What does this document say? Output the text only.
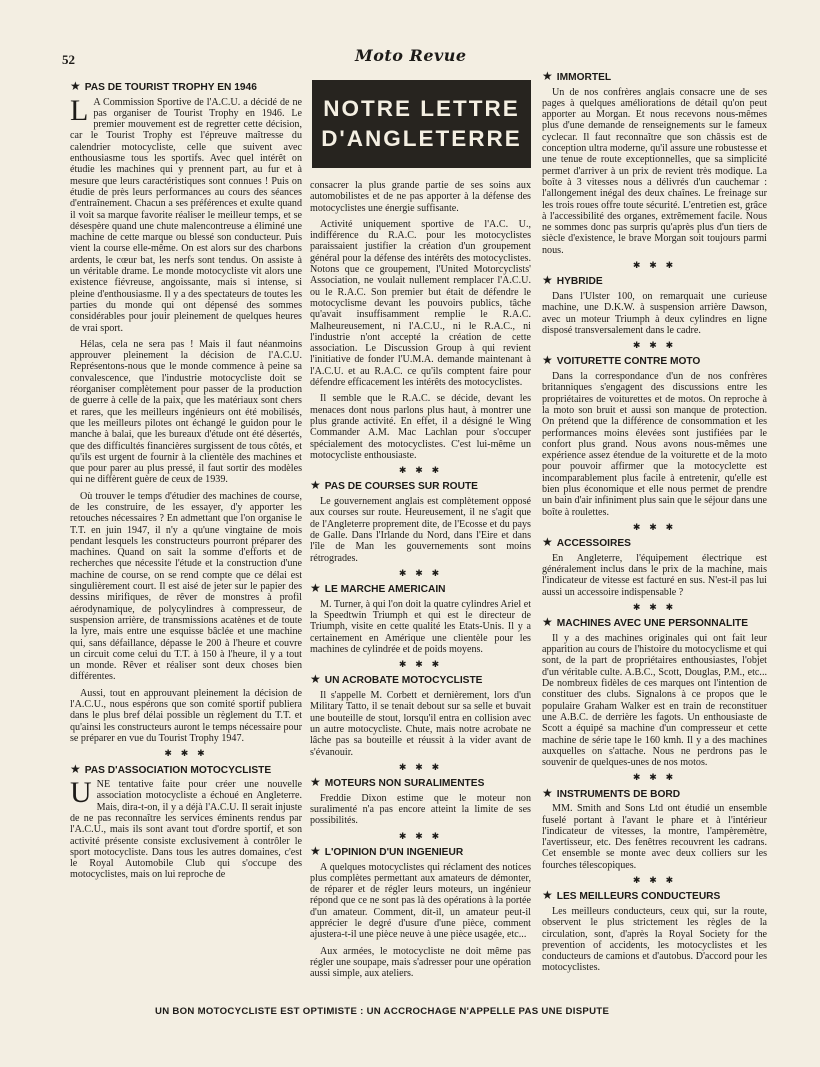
52	Moto Revue
NOTRE LETTRE
D'ANGLETERRE
★ PAS DE TOURIST TROPHY EN 1946

L A Commission Sportive de l'A.C.U. a décidé de ne pas organiser de Tourist Trophy en 1946. Le premier mouvement est de regretter cette décision, car le Tourist Trophy est l'épreuve maîtresse du calendrier motocycliste, celle que suivent avec enthousiasme tous les sportifs. Avec quel intérêt on étudie les machines qui y prennent part, au fur et à mesure que leurs caractéristiques sont connues ! Puis on étudie de près leurs performances au cours des séances d'entraînement. Chacun a ses préférences et exulte quand il voit sa marque favorite réaliser le meilleur temps, et se désespère quand une chute malencontreuse a éliminé une machine de cette marque ou blessé son conducteur. Puis vient la course elle-même. On est alors sur des charbons ardents, le cœur bat, les nerfs sont tendus. On assiste à un véritable drame. Le monde motocycliste vit alors une existence fiévreuse, angoissante, mais si intense, si pleine d'enthousiasme. Il y a des spectateurs de toutes les parties du monde qui ont dépensé des sommes considérables pour jouir pleinement de quelques heures de vrai sport.

Hélas, cela ne sera pas ! Mais il faut néanmoins approuver pleinement la décision de l'A.C.U. Représentons-nous que le monde commence à peine sa convalescence, que l'industrie motocycliste doit se réorganiser complètement pour passer de la production de guerre à celle de la paix, que les matériaux sont chers et rares, que les meilleurs ingénieurs ont été mobilisés, que les meilleurs pilotes ont échangé le guidon pour le manche à balai, que les bureaux d'étude ont été désertés, que des difficultés financières surgissent de tous côtés, et qu'ils est urgent de fournir à la clientèle des machines et que pour parer au plus pressé, il faut sortir des modèles qui ne diffèrent guère de ceux de 1939.

Où trouver le temps d'étudier des machines de course, de les construire, de les essayer, d'y apporter les retouches nécessaires ? En admettant que l'on organise le T.T. en juin 1947, il n'y a qu'une vingtaine de mois pendant lesquels les constructeurs pourront préparer des machines. Quand on sait la somme d'efforts et de recherches que nécessite l'étude et la construction d'une machine de course, on se rend compte que ce délai est singulièrement court. Il est aisé de jeter sur le papier des dessins mirifiques, de rêver de monstres à profil aérodynamique, de polycylindres à compresseur, de suspension arrière, de transmissions acatènes et de toute la lyre, mais entre une esquisse bâclée et une machine qui, sans défaillance, dépasse le 200 à l'heure et couvre un circuit come celui du T.T. à 150 à l'heure, il y a tout un monde. Rêver et réaliser sont deux choses bien différentes.

Aussi, tout en approuvant pleinement la décision de l'A.C.U., nous espérons que son comité sportif publiera dans le plus bref délai possible un règlement du T.T. et qu'ainsi les constructeurs auront le temps nécessaire pour se préparer en vue du Tourist Trophy 1947.

✱ ✱ ✱
★ PAS D'ASSOCIATION MOTOCYCLISTE

UNE tentative faite pour créer une nouvelle association motocycliste a échoué en Angleterre. Mais, dira-t-on, il y a déjà l'A.C.U. Il serait injuste de ne pas reconnaître les services éminents rendus par l'A.C.U., mais ils sont avant tout d'ordre sportif, et son activité présente consiste exclusivement à contrôler le sport motocycliste. Dans tous les autres domaines, c'est le Royal Automobile Club qui s'occupe des motocyclistes, mais on lui reproche de

consacrer la plus grande partie de ses soins aux automobilistes et de ne pas apporter à la défense des motocyclistes une énergie suffisante.

Activité uniquement sportive de l'A.C. U., indifférence du R.A.C. pour les motocyclistes paraissaient justifier la création d'un groupement général pour la défense des intérêts des motocyclistes. Notons que ce groupement, l'United Motorcyclists' Association, ne voulait nullement remplacer l'A.C.U. ou le R.A.C. Son premier but était de défendre le motocyclisme devant les pouvoirs publics, tâche qu'avait insuffisamment remplie le R.A.C. Malheureusement, ni l'A.C.U., ni le R.A.C., ni l'industrie n'ont accepté la création de cette association. Le Discussion Group à qui revient l'initiative de fonder l'U.M.A. demande maintenant à l'A.C.U. et au R.A.C. ce qu'ils comptent faire pour défendre efficacement les intérêts des motocyclistes.

Il semble que le R.A.C. se décide, devant les menaces dont nous parlons plus haut, à montrer une plus grande activité. En effet, il a désigné le Wing Commander A.M. Mac Lachlan pour s'occuper spécialement des motocyclistes. C'est lui-même un motocycliste enthousiaste.

✱ ✱ ✱
★ PAS DE COURSES SUR ROUTE

Le gouvernement anglais est complètement opposé aux courses sur route. Heureusement, il ne s'agit que de l'Angleterre proprement dite, de l'Ecosse et du pays de Galle. Dans l'Irlande du Nord, dans l'Eire et dans l'île de Man les gouvernements sont moins rétrogrades.

✱ ✱ ✱
★ LE MARCHE AMERICAIN

M. Turner, à qui l'on doit la quatre cylindres Ariel et la Speedtwin Triumph et qui est le directeur de Triumph, visite en cette qualité les Etats-Unis. Il y a certainement en Amérique une clientèle pour les machines de cylindrée et de poids moyens.

✱ ✱ ✱
★ UN ACROBATE MOTOCYCLISTE

Il s'appelle M. Corbett et dernièrement, lors d'un Military Tatto, il se tenait debout sur sa selle et buvait une bouteille de stout, lorsqu'il entra en collision avec un autre motocycliste. Chute, mais notre acrobate ne lâche pas sa bouteille et réussit à la vider avant de s'évanouir.

✱ ✱ ✱
★ MOTEURS NON SURALIMENTES

Freddie Dixon estime que le moteur non suralimenté n'a pas encore atteint la limite de ses possibilités.

✱ ✱ ✱
★ L'OPINION D'UN INGENIEUR

A quelques motocyclistes qui réclament des notices plus complètes permettant aux amateurs de démonter, de réparer et de régler leurs moteurs, un ingénieur répond que ce ne sont pas là des opérations à la portée d'un amateur. Comment, dit-il, un amateur peut-il apprécier le degré d'usure d'une pièce, comment ajustera-t-il une pièce neuve à une pièce usagée, etc...

Aux armées, le motocycliste ne doit même pas régler une soupape, mais s'adresser pour une opération aussi simple, aux ateliers.

★ IMMORTEL

Un de nos confrères anglais consacre une de ses pages à quelques améliorations de détail qu'on peut apporter au Morgan. Et nous recevons nous-mêmes plus d'une demande de renseignements sur le fameux cyclecar. Il faut reconnaître que son châssis est de conception ultra moderne, qu'il assure une robustesse et une tenue de route exceptionnelles, que sa simplicité permet d'arriver à un prix de revient très modique. La boîte à 3 vitesses nous a délivrés d'un cauchemar : l'allongement inégal des deux chaînes. Le freinage sur les trois roues offre toute sécurité. L'entretien est, grâce à l'accessibilité des organes, extrêmement facile. Nous ne sommes donc pas surpris qu'après plus d'un tiers de siècle d'existence, le brave Morgan soit toujours parmi nous.

✱ ✱ ✱
★ HYBRIDE

Dans l'Ulster 100, on remarquait une curieuse machine, une D.K.W. à suspension arrière Dawson, avec un moteur Triumph à deux cylindres en ligne disposé transversalement dans le cadre.

✱ ✱ ✱
★ VOITURETTE CONTRE MOTO

Dans la correspondance d'un de nos confrères britanniques s'engagent des discussions entre les propriétaires de voiturettes et de motos. On reproche à la moto son bruit et aussi son manque de protection. On prétend que la différence de consommation et les performances moins élevées sont justifiées par le confort plus grand. Nous avons nous-mêmes une expérience assez étendue de la voiturette et de la moto pour pouvoir affirmer que la motocyclette est incomparablement plus facile à entretenir, qu'elle est bien plus économique et elle nous permet de prendre un bain d'air infiniment plus sain que le séjour dans une boîte à roulettes.

✱ ✱ ✱
★ ACCESSOIRES

En Angleterre, l'équipement électrique est généralement inclus dans le prix de la machine, mais l'indicateur de vitesse est facturé en sus. N'est-il pas lui aussi un accessoire indispensable ?

✱ ✱ ✱
★ MACHINES AVEC UNE PERSONNALITE

Il y a des machines originales qui ont fait leur apparition au cours de l'histoire du motocyclisme et qui sont, de la part de propriétaires enthousiastes, l'objet d'un véritable culte. A.B.C., Scott, Douglas, P.M., etc... De nombreux fidèles de ces marques ont l'intention de constituer des clubs. Signalons à ce propos que le populaire Graham Walker est en train de reconstituer une A.B.C. de derrière les fagots. Un enthousiaste de Scott a équipé sa machine d'un compresseur et cette machine de série tape le 160 kmh. Il y a des machines auxquelles on s'attache. Nous ne perdrons pas le souvenir de quelques-unes de nos motos.

✱ ✱ ✱
★ INSTRUMENTS DE BORD

MM. Smith and Sons Ltd ont étudié un ensemble fuselé portant à l'avant le phare et à l'intérieur l'indicateur de vitesses, la montre, l'ampèremètre, l'avertisseur, etc. Des fenêtres recouvrent les cadrans. Cet ensemble se monte avec deux colliers sur les fourches télescopiques.

✱ ✱ ✱
★ LES MEILLEURS CONDUCTEURS

Les meilleurs conducteurs, ceux qui, sur la route, observent le plus strictement les règles de la circulation, sont, d'après la Royal Society for the prevention of accidents, les motocyclistes et les conducteurs de camions et d'autobus. D'accord pour les motocyclistes.

UN BON MOTOCYCLISTE EST OPTIMISTE : UN ACCROCHAGE N'APPELLE PAS UNE DISPUTE
